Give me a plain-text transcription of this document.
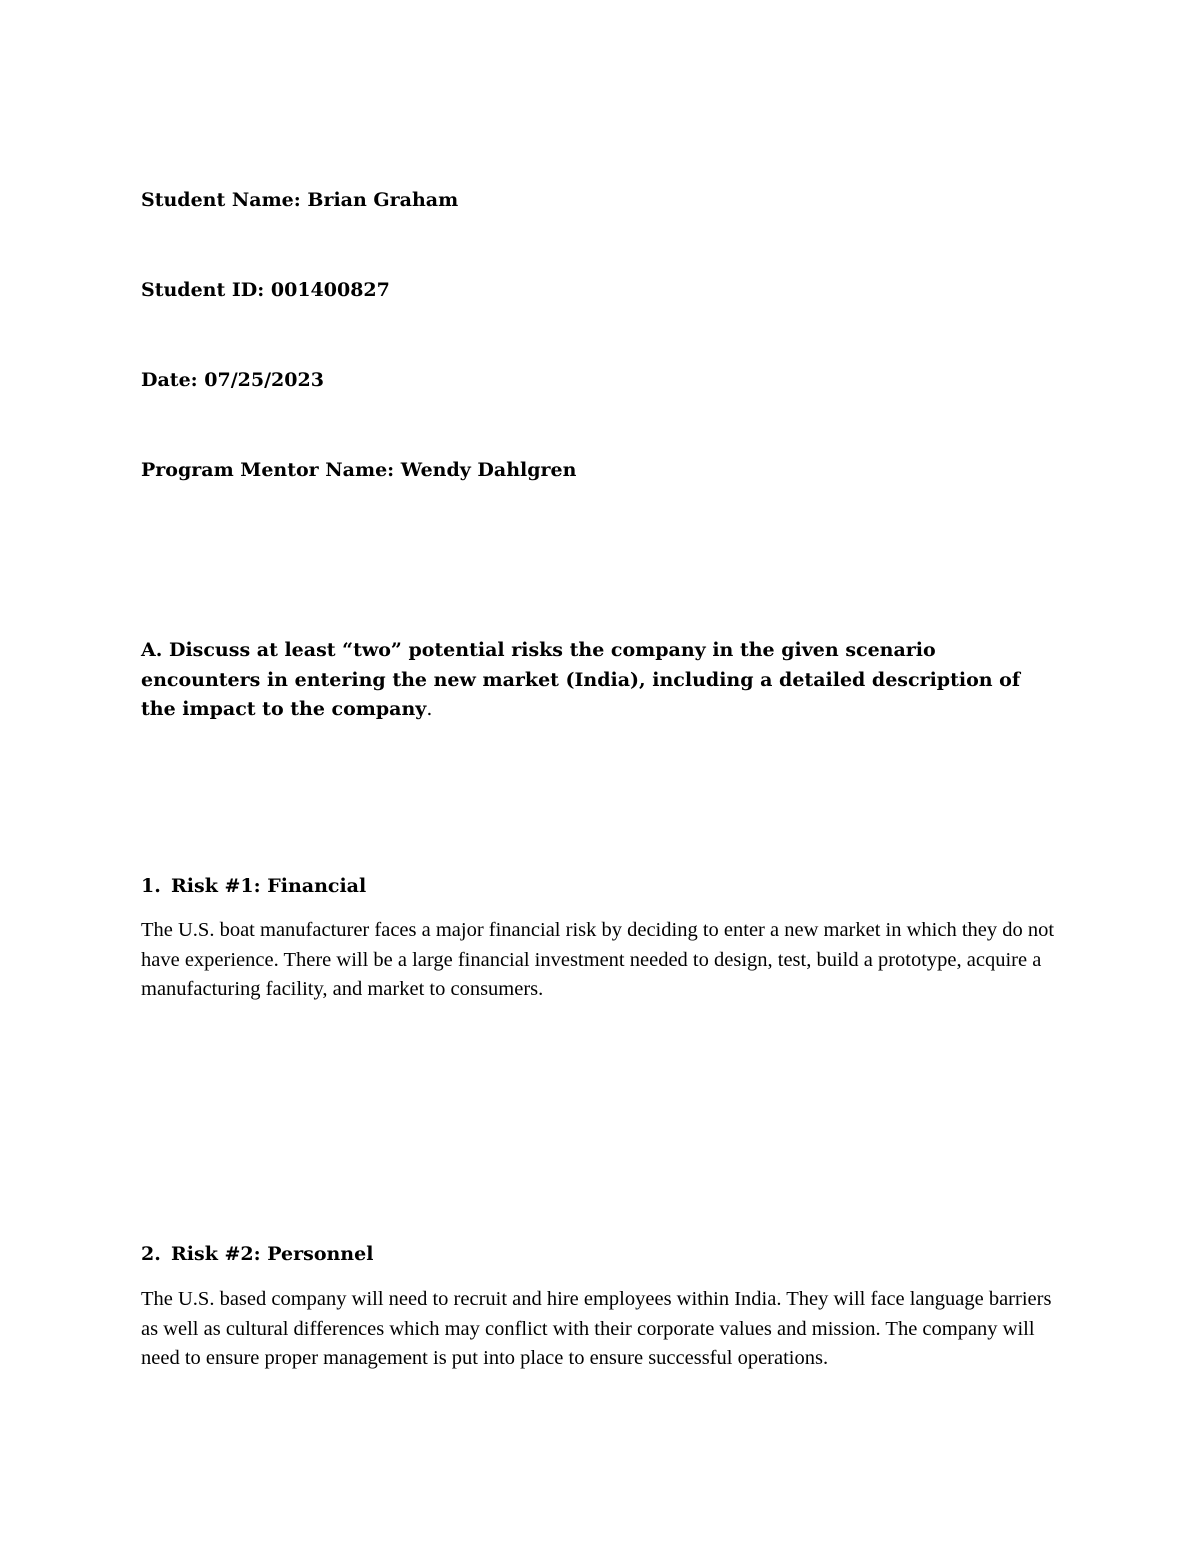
Student Name: Brian Graham
Student ID: 001400827
Date: 07/25/2023
Program Mentor Name: Wendy Dahlgren
A. Discuss at least “two” potential risks the company in the given scenario encounters in entering the new market (India), including a detailed description of the impact to the company.
1. Risk #1: Financial
The U.S. boat manufacturer faces a major financial risk by deciding to enter a new market in which they do not have experience. There will be a large financial investment needed to design, test, build a prototype, acquire a manufacturing facility, and market to consumers.
2. Risk #2: Personnel
The U.S. based company will need to recruit and hire employees within India. They will face language barriers as well as cultural differences which may conflict with their corporate values and mission. The company will need to ensure proper management is put into place to ensure successful operations.
